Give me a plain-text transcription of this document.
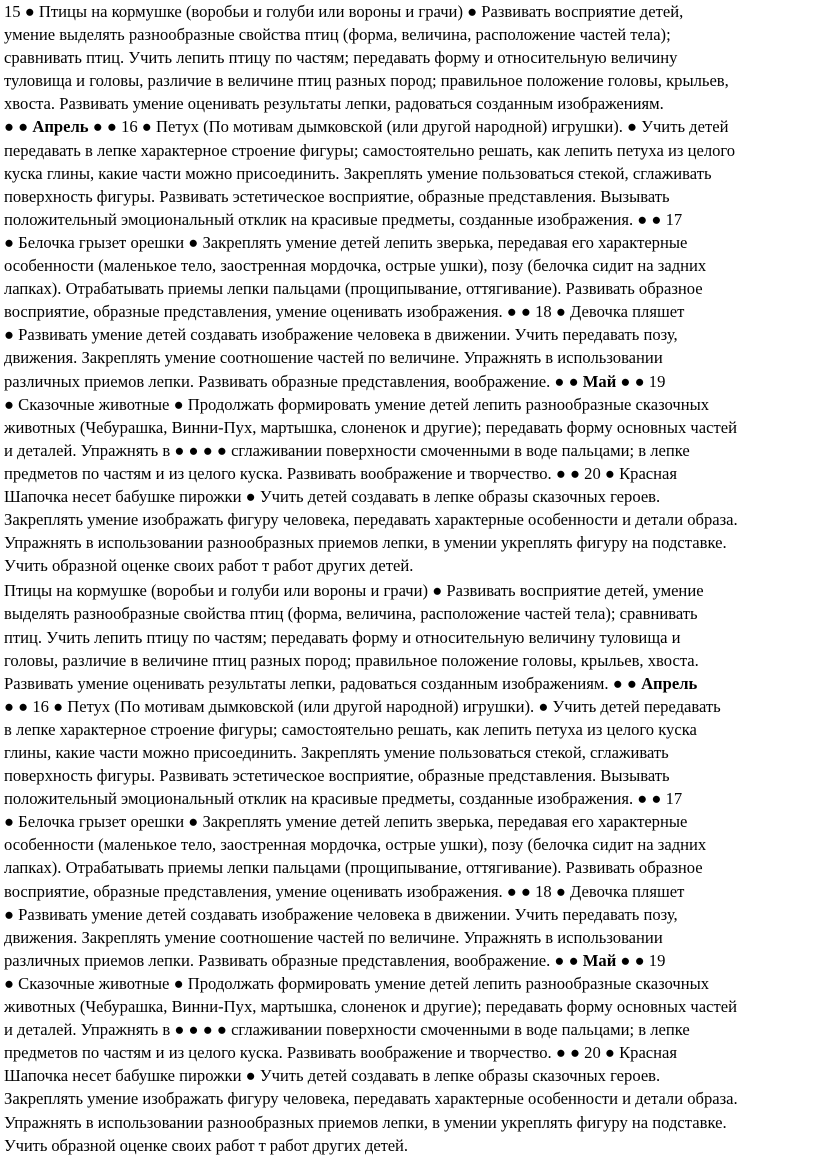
15 ● Птицы на кормушке (воробьи и голуби или вороны и грачи) ● Развивать восприятие детей,
умение выделять разнообразные свойства птиц (форма, величина, расположение частей тела);
сравнивать птиц. Учить лепить птицу по частям; передавать форму и относительную величину
туловища и головы, различие в величине птиц разных пород; правильное положение головы, крыльев,
хвоста. Развивать умение оценивать результаты лепки, радоваться созданным изображениям.
● ● Апрель ● ● 16 ● Петух (По мотивам дымковской (или другой народной) игрушки). ● Учить детей
передавать в лепке характерное строение фигуры; самостоятельно решать, как лепить петуха из целого
куска глины, какие части можно присоединить. Закреплять умение пользоваться стекой, сглаживать
поверхность фигуры. Развивать эстетическое восприятие, образные представления. Вызывать
положительный эмоциональный отклик на красивые предметы, созданные изображения. ● ● 17
● Белочка грызет орешки ● Закреплять умение детей лепить зверька, передавая его характерные
особенности (маленькое тело, заостренная мордочка, острые ушки), позу (белочка сидит на задних
лапках). Отрабатывать приемы лепки пальцами (прощипывание, оттягивание). Развивать образное
восприятие, образные представления, умение оценивать изображения. ● ● 18 ● Девочка пляшет
● Развивать умение детей создавать изображение человека в движении. Учить передавать позу,
движения. Закреплять умение соотношение частей по величине. Упражнять в использовании
различных приемов лепки. Развивать образные представления, воображение. ● ● Май ● ● 19
● Сказочные животные ● Продолжать формировать умение детей лепить разнообразные сказочных
животных (Чебурашка, Винни-Пух, мартышка, слоненок и другие); передавать форму основных частей
и деталей. Упражнять в ● ● ● ● сглаживании поверхности смоченными в воде пальцами; в лепке
предметов по частям и из целого куска. Развивать воображение и творчество. ● ● 20 ● Красная
Шапочка несет бабушке пирожки ● Учить детей создавать в лепке образы сказочных героев.
Закреплять умение изображать фигуру человека, передавать характерные особенности и детали образа.
Упражнять в использовании разнообразных приемов лепки, в умении укреплять фигуру на подставке.
Учить образной оценке своих работ т работ других детей.
Птицы на кормушке (воробьи и голуби или вороны и грачи) ● Развивать восприятие детей, умение
выделять разнообразные свойства птиц (форма, величина, расположение частей тела); сравнивать
птиц. Учить лепить птицу по частям; передавать форму и относительную величину туловища и
головы, различие в величине птиц разных пород; правильное положение головы, крыльев, хвоста.
Развивать умение оценивать результаты лепки, радоваться созданным изображениям. ● ● Апрель
● ● 16 ● Петух (По мотивам дымковской (или другой народной) игрушки). ● Учить детей передавать
в лепке характерное строение фигуры; самостоятельно решать, как лепить петуха из целого куска
глины, какие части можно присоединить. Закреплять умение пользоваться стекой, сглаживать
поверхность фигуры. Развивать эстетическое восприятие, образные представления. Вызывать
положительный эмоциональный отклик на красивые предметы, созданные изображения. ● ● 17
● Белочка грызет орешки ● Закреплять умение детей лепить зверька, передавая его характерные
особенности (маленькое тело, заостренная мордочка, острые ушки), позу (белочка сидит на задних
лапках). Отрабатывать приемы лепки пальцами (прощипывание, оттягивание). Развивать образное
восприятие, образные представления, умение оценивать изображения. ● ● 18 ● Девочка пляшет
● Развивать умение детей создавать изображение человека в движении. Учить передавать позу,
движения. Закреплять умение соотношение частей по величине. Упражнять в использовании
различных приемов лепки. Развивать образные представления, воображение. ● ● Май ● ● 19
● Сказочные животные ● Продолжать формировать умение детей лепить разнообразные сказочных
животных (Чебурашка, Винни-Пух, мартышка, слоненок и другие); передавать форму основных частей
и деталей. Упражнять в ● ● ● ● сглаживании поверхности смоченными в воде пальцами; в лепке
предметов по частям и из целого куска. Развивать воображение и творчество. ● ● 20 ● Красная
Шапочка несет бабушке пирожки ● Учить детей создавать в лепке образы сказочных героев.
Закреплять умение изображать фигуру человека, передавать характерные особенности и детали образа.
Упражнять в использовании разнообразных приемов лепки, в умении укреплять фигуру на подставке.
Учить образной оценке своих работ т работ других детей.
